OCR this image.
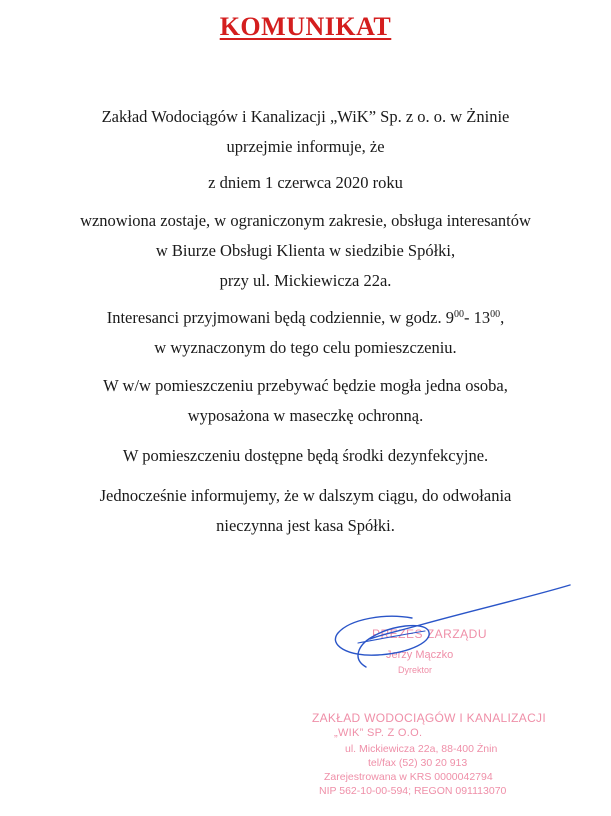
KOMUNIKAT
Zakład Wodociągów i Kanalizacji „WiK” Sp. z o. o. w Żninie
uprzejmie informuje, że
z dniem 1 czerwca 2020 roku
wznowiona zostaje, w ograniczonym zakresie, obsługa interesantów
w Biurze Obsługi Klienta w siedzibie Spółki,
przy ul. Mickiewicza 22a.
Interesanci przyjmowani będą codziennie, w godz. $9^{00}-$ $13^{00}$,
w wyznaczonym do tego celu pomieszczeniu.
W w/w pomieszczeniu przebywać będzie mogła jedna osoba,
wyposażona w maseczkę ochronną.
W pomieszczeniu dostępne będą środki dezynfekcyjne.
Jednocześnie informujemy, że w dalszym ciągu, do odwołania
nieczynna jest kasa Spółki.
PREZES ZARZĄDU
Jerzy Mączko
Dyrektor
ZAKŁAD WODOCIĄGÓW I KANALIZACJI
„WIK” SP. Z O.O.
ul. Mickiewicza 22a, 88-400 Żnin
tel/fax (52) 30 20 913
Zarejestrowana w KRS 0000042794
NIP 562-10-00-594; REGON 091113070
